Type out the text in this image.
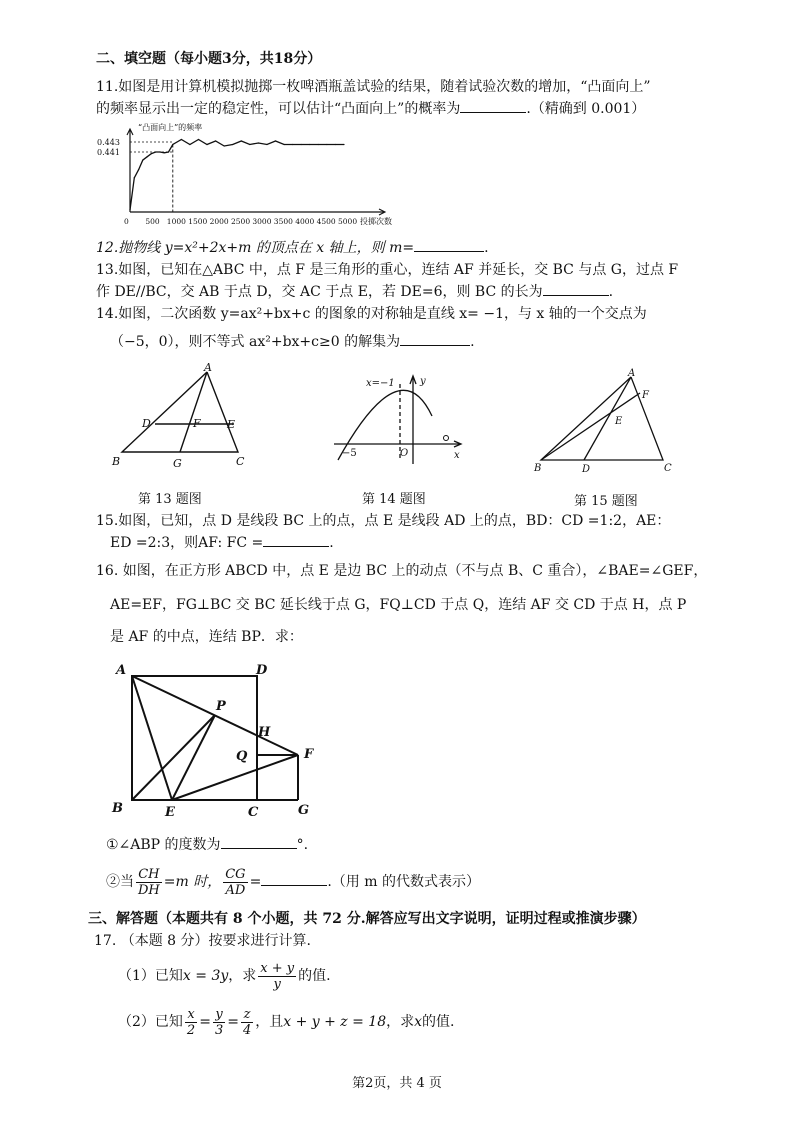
二、填空题（每小题3分，共18分）
11.如图是用计算机模拟抛掷一枚啤酒瓶盖试验的结果，随着试验次数的增加，“凸面向上”
的频率显示出一定的稳定性，可以估计“凸面向上”的概率为	.（精确到 0.001）
0.443
0.441
0 500 1000 1500 2000 2500 3000 3500 4000 4500 5000
“凸面向上”的频率
投掷次数
12.抛物线 y=x²+2x+m 的顶点在 x 轴上，则 m=	.
13.如图，已知在△ABC 中，点 F 是三角形的重心，连结 AF 并延长，交 BC 与点 G，过点 F
作 DE//BC，交 AB 于点 D，交 AC 于点 E，若 DE=6，则 BC 的长为	.
14.如图，二次函数 y=ax²+bx+c 的图象的对称轴是直线 x= −1，与 x 轴的一个交点为
（−5，0），则不等式 ax²+bx+c≥0 的解集为	.
A
B	C
D	E
F
G
第 13 题图
x=−1	y
x
−5	O
第 14 题图
A
B	C
D
E
F
第 15 题图
15.如图，已知，点 D 是线段 BC 上的点，点 E 是线段 AD 上的点，BD：CD =1:2，AE：
ED =2:3，则AF: FC =	.
16. 如图，在正方形 ABCD 中，点 E 是边 BC 上的动点（不与点 B、C 重合），∠BAE=∠GEF，
AE=EF，FG⊥BC 交 BC 延长线于点 G，FQ⊥CD 于点 Q，连结 AF 交 CD 于点 H，点 P
是 AF 的中点，连结 BP．求：
A	D
P
H
Q	F
B	E	C	G
①∠ABP 的度数为	°.
②当 $\frac{CH}{DH} =m$ 时， $\frac{CG}{AD}$ =	.（用 m 的代数式表示）
三、解答题（本题共有 8 个小题，共 72 分.解答应写出文字说明，证明过程或推演步骤）
17. （本题 8 分）按要求进行计算.
（1）已知x = 3y，求 $\frac{x + y}{y}$ 的值.
（2）已知 $\frac{x}{2} = \frac{y}{3} = \frac{z}{4}$ ，且x + y + z = 18，求x的值.
第2页，共 4 页
